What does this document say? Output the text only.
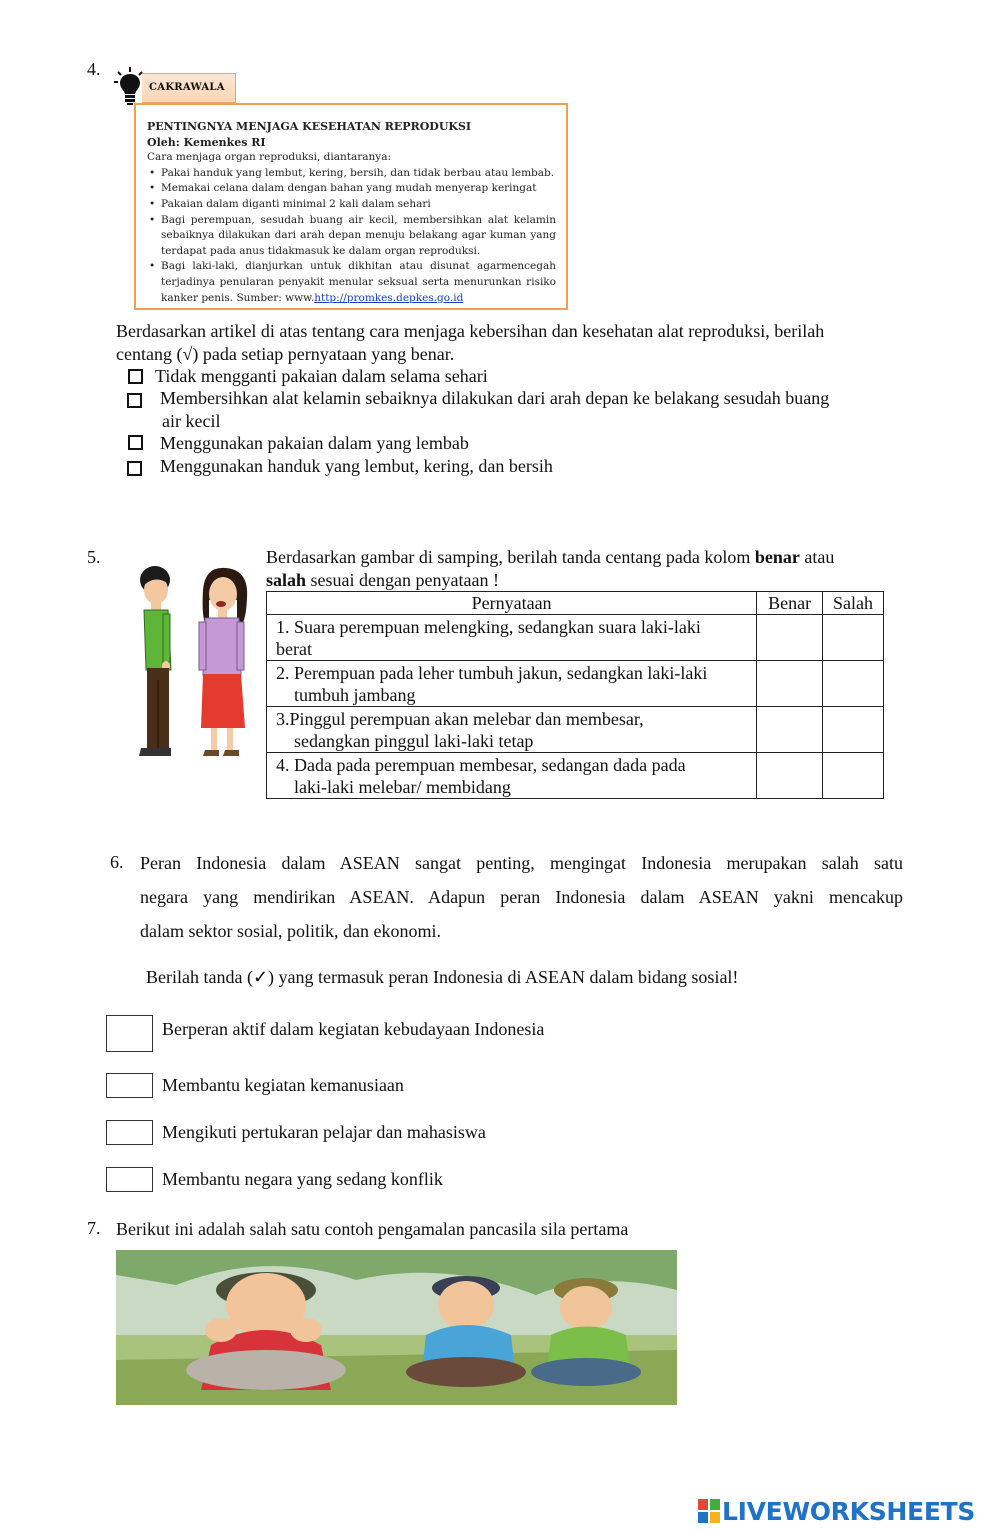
4.
CAKRAWALA
PENTINGNYA MENJAGA KESEHATAN REPRODUKSI
Oleh: Kemenkes RI
Cara menjaga organ reproduksi, diantaranya:
• Pakai handuk yang lembut, kering, bersih, dan tidak berbau atau lembab.
• Memakai celana dalam dengan bahan yang mudah menyerap keringat
• Pakaian dalam diganti minimal 2 kali dalam sehari
• Bagi perempuan, sesudah buang air kecil, membersihkan alat kelamin sebaiknya dilakukan dari arah depan menuju belakang agar kuman yang terdapat pada anus tidakmasuk ke dalam organ reproduksi.
• Bagi laki-laki, dianjurkan untuk dikhitan atau disunat agarmencegah terjadinya penularan penyakit menular seksual serta menurunkan risiko kanker penis. Sumber: www.http://promkes.depkes.go.id
Berdasarkan artikel di atas tentang cara menjaga kebersihan dan kesehatan alat reproduksi, berilah
centang (√) pada setiap pernyataan yang benar.
Tidak mengganti pakaian dalam selama sehari
Membersihkan alat kelamin sebaiknya dilakukan dari arah depan ke belakang sesudah buang
air kecil
Menggunakan pakaian dalam yang lembab
Menggunakan handuk yang lembut, kering, dan bersih
5.	Berdasarkan gambar di samping, berilah tanda centang pada kolom benar atau
salah sesuai dengan penyataan !
Pernyataan	Benar	Salah

1. Suara perempuan melengking, sedangkan suara laki-laki
berat		

2. Perempuan pada leher tumbuh jakun, sedangkan laki-laki
tumbuh jambang		

3.Pinggul perempuan akan melebar dan membesar,
sedangkan pinggul laki-laki tetap		

4. Dada pada perempuan membesar, sedangan dada pada
laki-laki melebar/ membidang		

6. Peran Indonesia dalam ASEAN sangat penting, mengingat Indonesia merupakan salah satu
negara yang mendirikan ASEAN. Adapun peran Indonesia dalam ASEAN yakni mencakup
dalam sektor sosial, politik, dan ekonomi.
Berilah tanda (✓) yang termasuk peran Indonesia di ASEAN dalam bidang sosial!
Berperan aktif dalam kegiatan kebudayaan Indonesia
Membantu kegiatan kemanusiaan
Mengikuti pertukaran pelajar dan mahasiswa
Membantu negara yang sedang konflik
7. Berikut ini adalah salah satu contoh pengamalan pancasila sila pertama
LIVEWORKSHEETS
